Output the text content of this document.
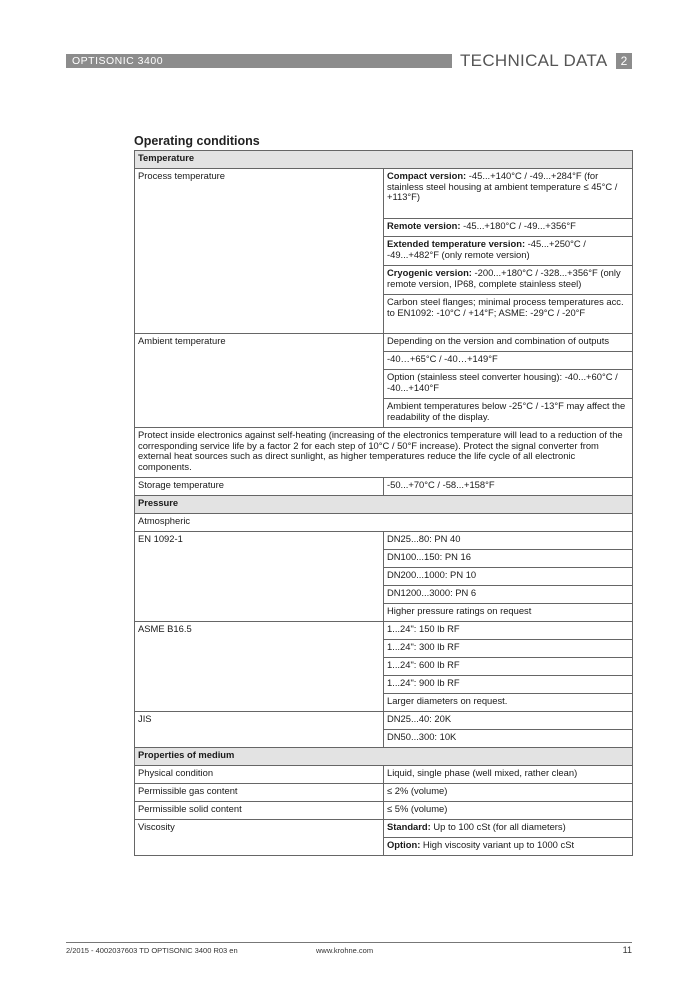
OPTISONIC 3400	TECHNICAL DATA	2
Operating conditions
Temperature	
Process temperature	Compact version: -45...+140°C / -49...+284°F (for stainless steel housing at ambient temperature ≤ 45°C / +113°F)
	Remote version: -45...+180°C / -49...+356°F
	Extended temperature version: -45...+250°C / -49...+482°F (only remote version)
	Cryogenic version: -200...+180°C / -328...+356°F (only remote version, IP68, complete stainless steel)
	Carbon steel flanges; minimal process temperatures acc. to EN1092: -10°C / +14°F; ASME: -29°C / -20°F
Ambient temperature	Depending on the version and combination of outputs
	-40…+65°C / -40…+149°F
	Option (stainless steel converter housing): -40...+60°C / -40...+140°F
	Ambient temperatures below -25°C / -13°F may affect the readability of the display.
Protect inside electronics against self-heating (increasing of the electronics temperature will lead to a reduction of the corresponding service life by a factor 2 for each step of 10°C / 50°F increase). Protect the signal converter from external heat sources such as direct sunlight, as higher temperatures reduce the life cycle of all electronic components.	
Storage temperature	-50...+70°C / -58...+158°F
Pressure	
Atmospheric	
EN 1092-1	DN25...80: PN 40
	DN100...150: PN 16
	DN200...1000: PN 10
	DN1200...3000: PN 6
	Higher pressure ratings on request
ASME B16.5	1...24": 150 lb RF
	1...24": 300 lb RF
	1...24": 600 lb RF
	1...24": 900 lb RF
	Larger diameters on request.
JIS	DN25...40: 20K
	DN50...300: 10K
Properties of medium	
Physical condition	Liquid, single phase (well mixed, rather clean)
Permissible gas content	≤ 2% (volume)
Permissible solid content	≤ 5% (volume)
Viscosity	Standard: Up to 100 cSt (for all diameters)
	Option: High viscosity variant up to 1000 cSt
2/2015 - 4002037603 TD OPTISONIC 3400 R03 en	www.krohne.com	11
